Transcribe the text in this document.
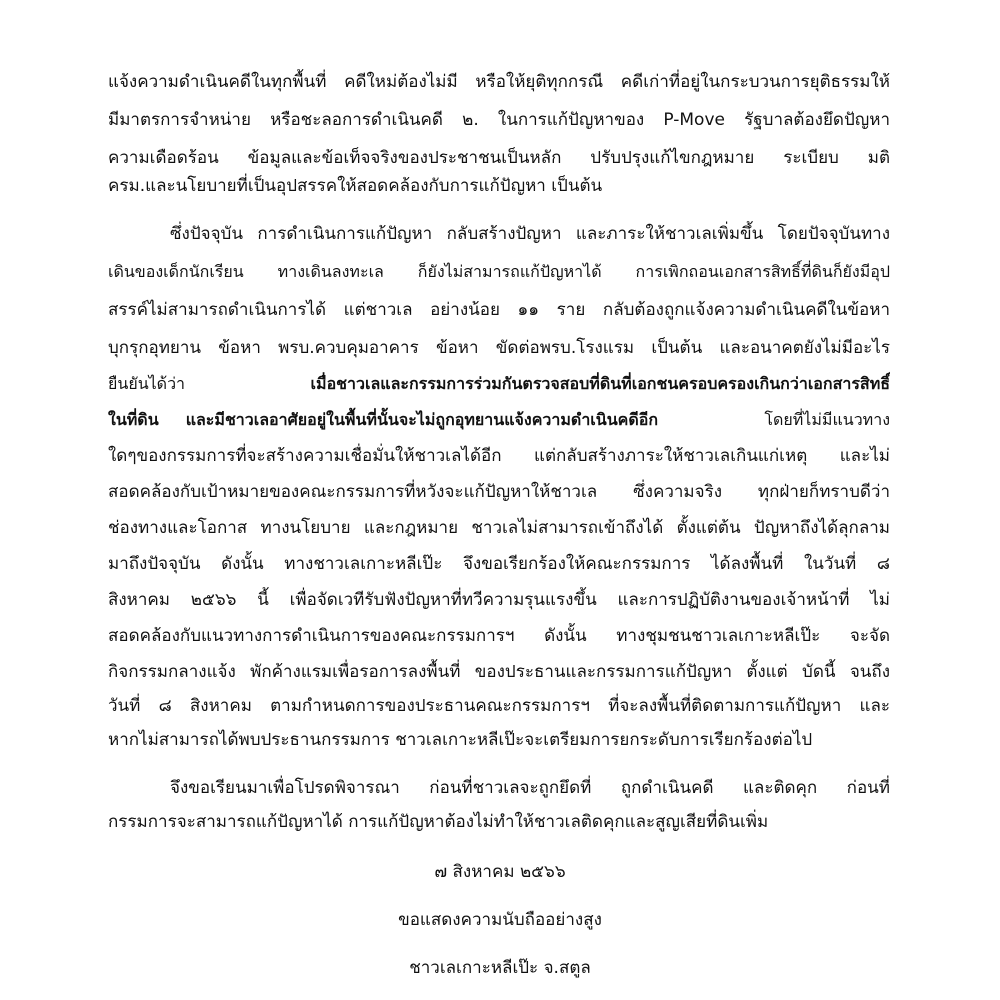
แจ้งความดำเนินคดีในทุกพื้นที่ คดีใหม่ต้องไม่มี หรือให้ยุติทุกกรณี คดีเก่าที่อยู่ในกระบวนการยุติธรรมให้
มีมาตรการจำหน่าย หรือชะลอการดำเนินคดี ๒. ในการแก้ปัญหาของ P-Move รัฐบาลต้องยึดปัญหา
ความเดือดร้อน ข้อมูลและข้อเท็จจริงของประชาชนเป็นหลัก ปรับปรุงแก้ไขกฎหมาย ระเบียบ มติ
ครม.และนโยบายที่เป็นอุปสรรคให้สอดคล้องกับการแก้ปัญหา เป็นต้น
ซึ่งปัจจุบัน การดำเนินการแก้ปัญหา กลับสร้างปัญหา และภาระให้ชาวเลเพิ่มขึ้น โดยปัจจุบันทาง
เดินของเด็กนักเรียน ทางเดินลงทะเล ก็ยังไม่สามารถแก้ปัญหาได้ การเพิกถอนเอกสารสิทธิ์ที่ดินก็ยังมีอุป
สรรค์ไม่สามารถดำเนินการได้ แต่ชาวเล อย่างน้อย ๑๑ ราย กลับต้องถูกแจ้งความดำเนินคดีในข้อหา
บุกรุกอุทยาน ข้อหา พรบ.ควบคุมอาคาร ข้อหา ขัดต่อพรบ.โรงแรม เป็นต้น และอนาคตยังไม่มีอะไร
ยืนยันได้ว่า	เมื่อชาวเลและกรรมการร่วมกันตรวจสอบที่ดินที่เอกชนครอบครองเกินกว่าเอกสารสิทธิ์
ในที่ดิน และมีชาวเลอาศัยอยู่ในพื้นที่นั้นจะไม่ถูกอุทยานแจ้งความดำเนินคดีอีก	โดยที่ไม่มีแนวทาง
ใดๆของกรรมการที่จะสร้างความเชื่อมั่นให้ชาวเลได้อีก แต่กลับสร้างภาระให้ชาวเลเกินแก่เหตุ และไม่
สอดคล้องกับเป้าหมายของคณะกรรมการที่หวังจะแก้ปัญหาให้ชาวเล ซึ่งความจริง ทุกฝ่ายก็ทราบดีว่า
ช่องทางและโอกาส ทางนโยบาย และกฎหมาย ชาวเลไม่สามารถเข้าถึงได้ ตั้งแต่ต้น ปัญหาถึงได้ลุกลาม
มาถึงปัจจุบัน ดังนั้น ทางชาวเลเกาะหลีเป๊ะ จึงขอเรียกร้องให้คณะกรรมการ ได้ลงพื้นที่ ในวันที่ ๘
สิงหาคม ๒๕๖๖ นี้ เพื่อจัดเวทีรับฟังปัญหาที่ทวีความรุนแรงขึ้น และการปฏิบัติงานของเจ้าหน้าที่ ไม่
สอดคล้องกับแนวทางการดำเนินการของคณะกรรมการฯ ดังนั้น ทางชุมชนชาวเลเกาะหลีเป๊ะ จะจัด
กิจกรรมกลางแจ้ง พักค้างแรมเพื่อรอการลงพื้นที่ ของประธานและกรรมการแก้ปัญหา ตั้งแต่ บัดนี้ จนถึง
วันที่ ๘ สิงหาคม ตามกำหนดการของประธานคณะกรรมการฯ ที่จะลงพื้นที่ติดตามการแก้ปัญหา และ
หากไม่สามารถได้พบประธานกรรมการ ชาวเลเกาะหลีเป๊ะจะเตรียมการยกระดับการเรียกร้องต่อไป
จึงขอเรียนมาเพื่อโปรดพิจารณา ก่อนที่ชาวเลจะถูกยึดที่ ถูกดำเนินคดี และติดคุก ก่อนที่
กรรมการจะสามารถแก้ปัญหาได้ การแก้ปัญหาต้องไม่ทำให้ชาวเลติดคุกและสูญเสียที่ดินเพิ่ม
๗ สิงหาคม ๒๕๖๖
ขอแสดงความนับถืออย่างสูง
ชาวเลเกาะหลีเป๊ะ จ.สตูล
